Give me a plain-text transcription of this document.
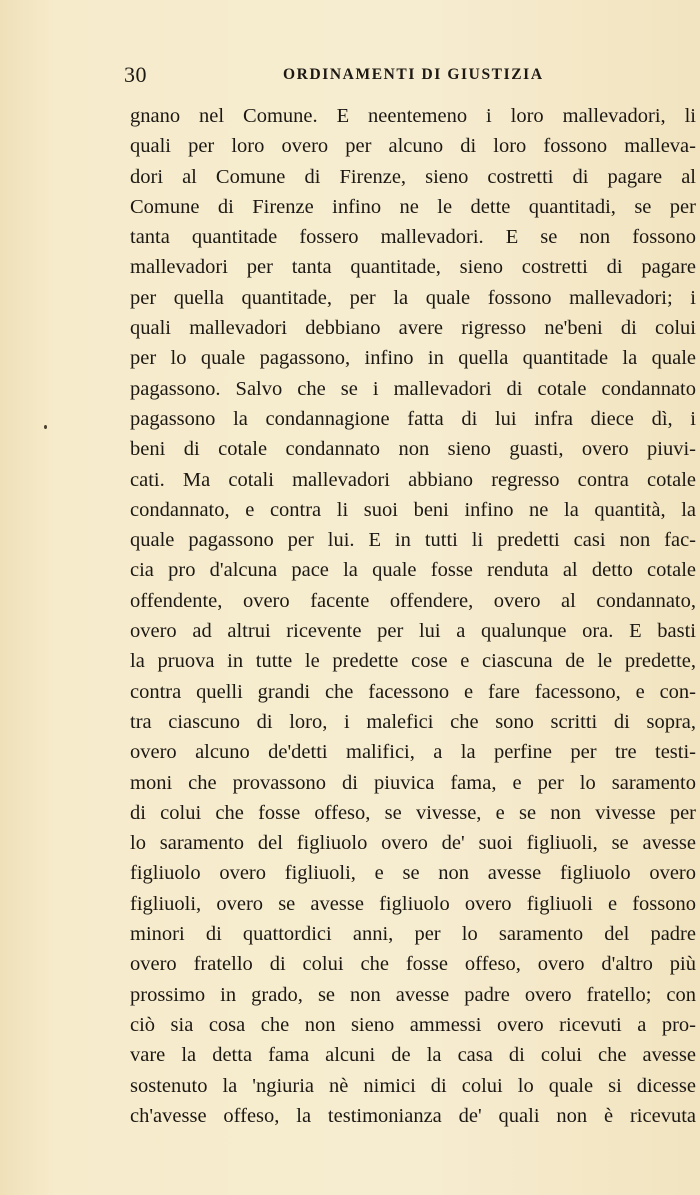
30	ORDINAMENTI DI GIUSTIZIA
gnano nel Comune. E neentemeno i loro mallevadori, li
quali per loro overo per alcuno di loro fossono malleva-
dori al Comune di Firenze, sieno costretti di pagare al
Comune di Firenze infino ne le dette quantitadi, se per
tanta quantitade fossero mallevadori. E se non fossono
mallevadori per tanta quantitade, sieno costretti di pagare
per quella quantitade, per la quale fossono mallevadori; i
quali mallevadori debbiano avere rigresso ne'beni di colui
per lo quale pagassono, infino in quella quantitade la quale
pagassono. Salvo che se i mallevadori di cotale condannato
pagassono la condannagione fatta di lui infra diece dì, i
beni di cotale condannato non sieno guasti, overo piuvi-
cati. Ma cotali mallevadori abbiano regresso contra cotale
condannato, e contra li suoi beni infino ne la quantità, la
quale pagassono per lui. E in tutti li predetti casi non fac-
cia pro d'alcuna pace la quale fosse renduta al detto cotale
offendente, overo facente offendere, overo al condannato,
overo ad altrui ricevente per lui a qualunque ora. E basti
la pruova in tutte le predette cose e ciascuna de le predette,
contra quelli grandi che facessono e fare facessono, e con-
tra ciascuno di loro, i malefici che sono scritti di sopra,
overo alcuno de'detti malifici, a la perfine per tre testi-
moni che provassono di piuvica fama, e per lo saramento
di colui che fosse offeso, se vivesse, e se non vivesse per
lo saramento del figliuolo overo de' suoi figliuoli, se avesse
figliuolo overo figliuoli, e se non avesse figliuolo overo
figliuoli, overo se avesse figliuolo overo figliuoli e fossono
minori di quattordici anni, per lo saramento del padre
overo fratello di colui che fosse offeso, overo d'altro più
prossimo in grado, se non avesse padre overo fratello; con
ciò sia cosa che non sieno ammessi overo ricevuti a pro-
vare la detta fama alcuni de la casa di colui che avesse
sostenuto la 'ngiuria nè nimici di colui lo quale si dicesse
ch'avesse offeso, la testimonianza de' quali non è ricevuta
